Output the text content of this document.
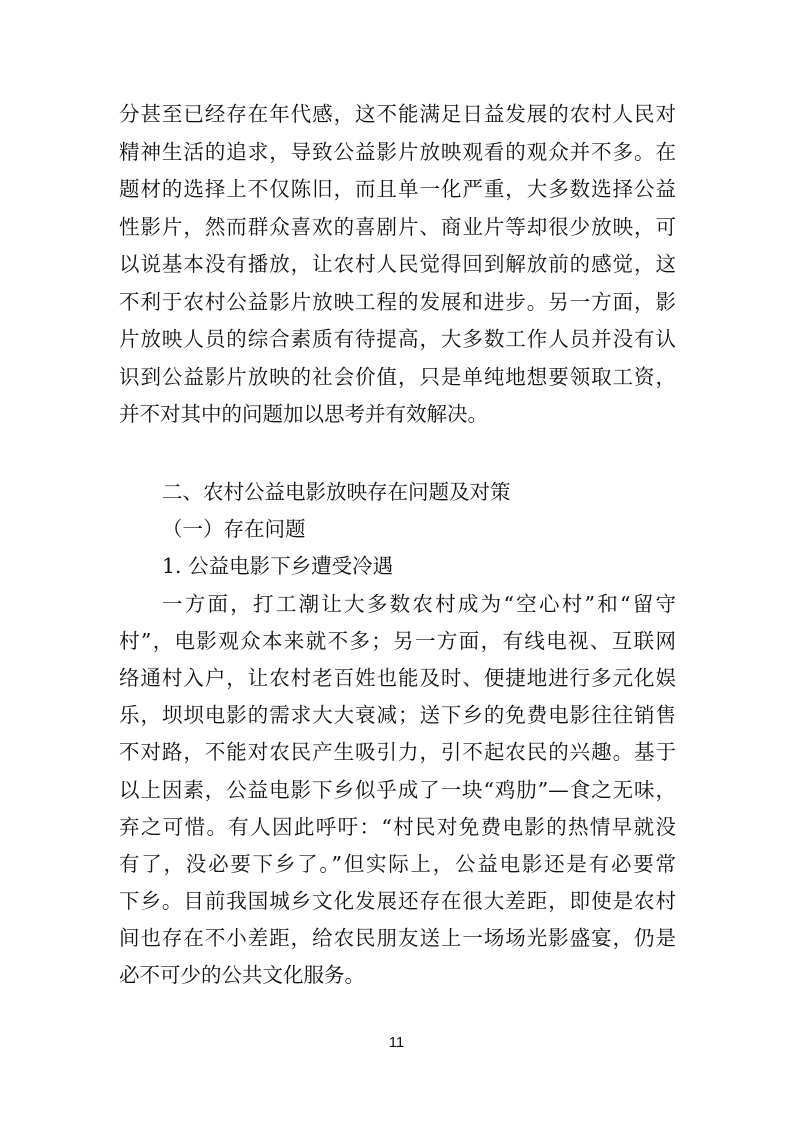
分甚至已经存在年代感，这不能满足日益发展的农村人民对
精神生活的追求，导致公益影片放映观看的观众并不多。在
题材的选择上不仅陈旧，而且单一化严重，大多数选择公益
性影片，然而群众喜欢的喜剧片、商业片等却很少放映，可
以说基本没有播放，让农村人民觉得回到解放前的感觉，这
不利于农村公益影片放映工程的发展和进步。另一方面，影
片放映人员的综合素质有待提高，大多数工作人员并没有认
识到公益影片放映的社会价值，只是单纯地想要领取工资，
并不对其中的问题加以思考并有效解决。
二、农村公益电影放映存在问题及对策
（一）存在问题
1. 公益电影下乡遭受冷遇
一方面，打工潮让大多数农村成为“空心村”和“留守
村”，电影观众本来就不多；另一方面，有线电视、互联网
络通村入户，让农村老百姓也能及时、便捷地进行多元化娱
乐，坝坝电影的需求大大衰减；送下乡的免费电影往往销售
不对路，不能对农民产生吸引力，引不起农民的兴趣。基于
以上因素，公益电影下乡似乎成了一块“鸡肋”—食之无味，
弃之可惜。有人因此呼吁：“村民对免费电影的热情早就没
有了，没必要下乡了。”但实际上，公益电影还是有必要常
下乡。目前我国城乡文化发展还存在很大差距，即使是农村
间也存在不小差距，给农民朋友送上一场场光影盛宴，仍是
必不可少的公共文化服务。
11
